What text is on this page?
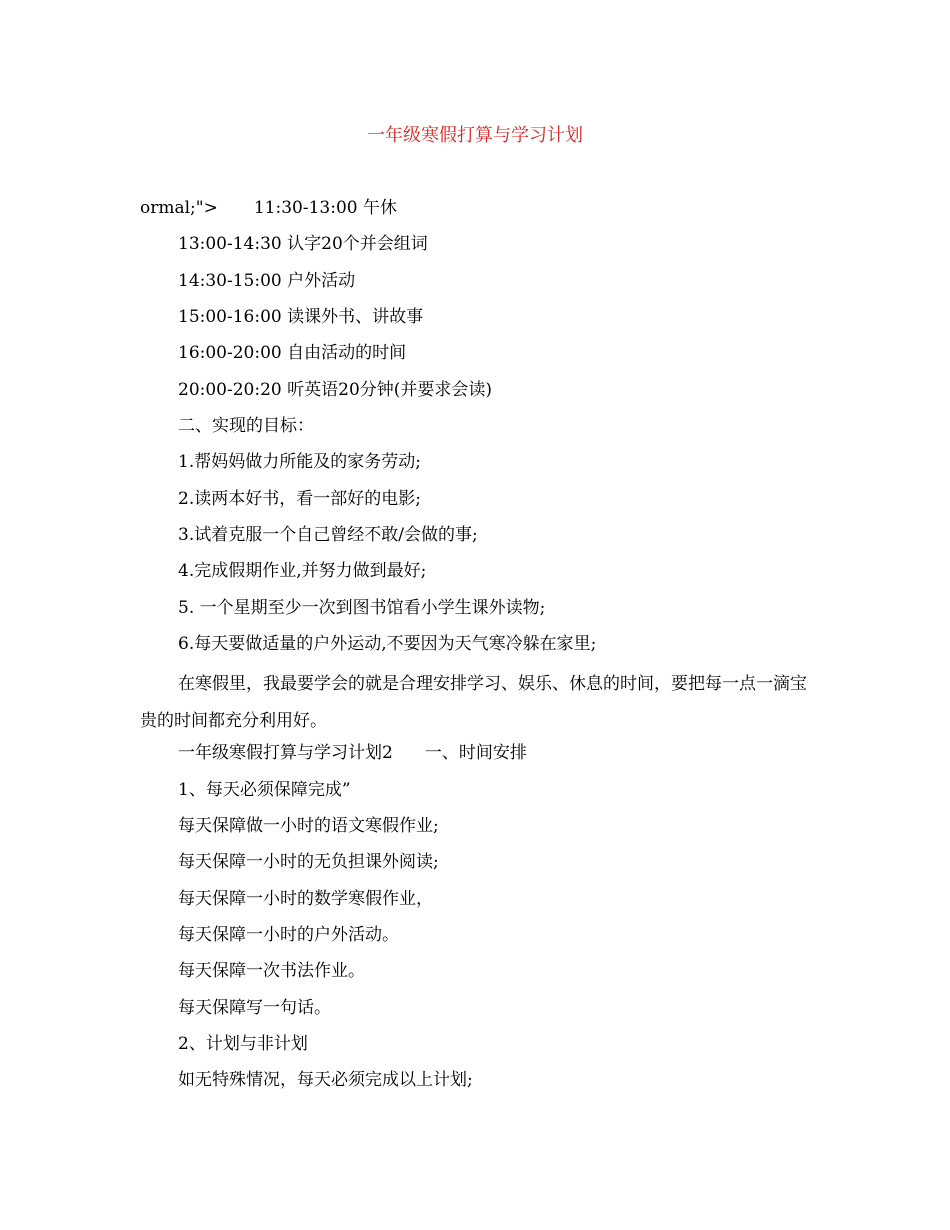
一年级寒假打算与学习计划
ormal;"> 11:30-13:00 午休
13:00-14:30 认字20个并会组词
14:30-15:00 户外活动
15:00-16:00 读课外书、讲故事
16:00-20:00 自由活动的时间
20:00-20:20 听英语20分钟(并要求会读)
二、实现的目标：
1.帮妈妈做力所能及的家务劳动;
2.读两本好书，看一部好的电影;
3.试着克服一个自己曾经不敢/会做的事;
4.完成假期作业,并努力做到最好;
5. 一个星期至少一次到图书馆看小学生课外读物;
6.每天要做适量的户外运动,不要因为天气寒冷躲在家里;
在寒假里，我最要学会的就是合理安排学习、娱乐、休息的时间，要把每一点一滴宝贵的时间都充分利用好。
一年级寒假打算与学习计划2 一、时间安排
1、每天必须保障完成”
每天保障做一小时的语文寒假作业;
每天保障一小时的无负担课外阅读;
每天保障一小时的数学寒假作业，
每天保障一小时的户外活动。
每天保障一次书法作业。
每天保障写一句话。
2、计划与非计划
如无特殊情况，每天必须完成以上计划;
